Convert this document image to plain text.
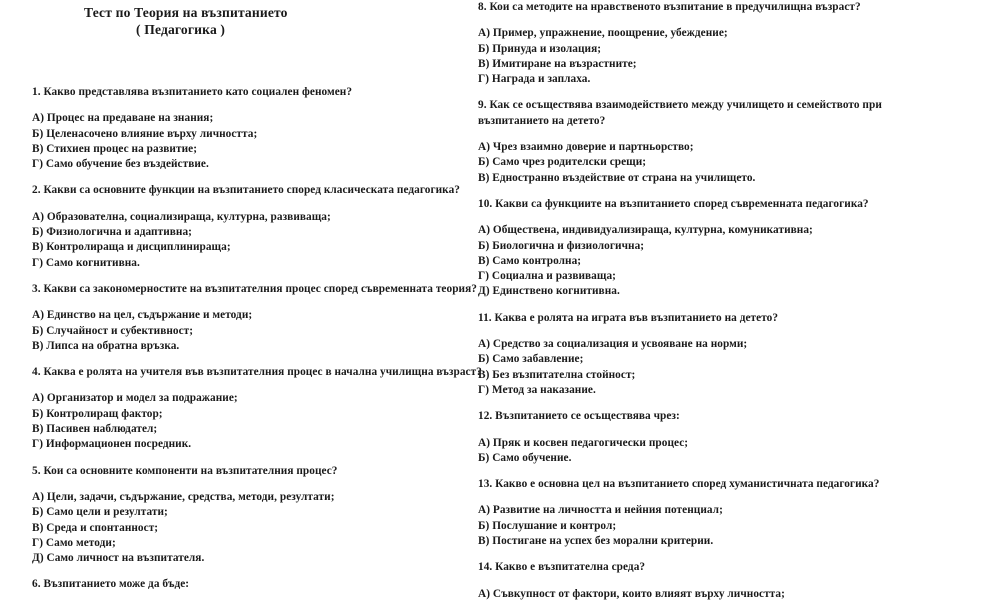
Тест по Теория на възпитанието
( Педагогика )

1. Какво представлява възпитанието като социален феномен?

А) Процес на предаване на знания;

Б) Целенасочено влияние върху личността;

В) Стихиен процес на развитие;

Г) Само обучение без въздействие.

2. Какви са основните функции на възпитанието според класическата педагогика?

А) Образователна, социализираща, културна, развиваща;

Б) Физиологична и адаптивна;

В) Контролираща и дисциплинираща;

Г) Само когнитивна.

3. Какви са закономерностите на възпитателния процес според съвременната теория?

А) Единство на цел, съдържание и методи;

Б) Случайност и субективност;

В) Липса на обратна връзка.

4. Каква е ролята на учителя във възпитателния процес в начална училищна възраст?

А) Организатор и модел за подражание;

Б) Контролиращ фактор;

В) Пасивен наблюдател;

Г) Информационен посредник.

5. Кои са основните компоненти на възпитателния процес?

А) Цели, задачи, съдържание, средства, методи, резултати;

Б) Само цели и резултати;

В) Среда и спонтанност;

Г) Само методи;

Д) Само личност на възпитателя.

6. Възпитанието може да бъде:

8. Кои са методите на нравственото възпитание в предучилищна възраст?

А) Пример, упражнение, поощрение, убеждение;

Б) Принуда и изолация;

В) Имитиране на възрастните;

Г) Награда и заплаха.

9. Как се осъществява взаимодействието между училището и семейството при възпитанието на детето?

А) Чрез взаимно доверие и партньорство;

Б) Само чрез родителски срещи;

В) Едностранно въздействие от страна на училището.

10. Какви са функциите на възпитанието според съвременната педагогика?

А) Обществена, индивидуализираща, културна, комуникативна;

Б) Биологична и физиологична;

В) Само контролна;

Г) Социална и развиваща;

Д) Единствено когнитивна.

11. Каква е ролята на играта във възпитанието на детето?

А) Средство за социализация и усвояване на норми;

Б) Само забавление;

В) Без възпитателна стойност;

Г) Метод за наказание.

12. Възпитанието се осъществява чрез:

А) Пряк и косвен педагогически процес;

Б) Само обучение.

13. Какво е основна цел на възпитанието според хуманистичната педагогика?

А) Развитие на личността и нейния потенциал;

Б) Послушание и контрол;

В) Постигане на успех без морални критерии.

14. Какво е възпитателна среда?

А) Съвкупност от фактори, които влияят върху личността;
